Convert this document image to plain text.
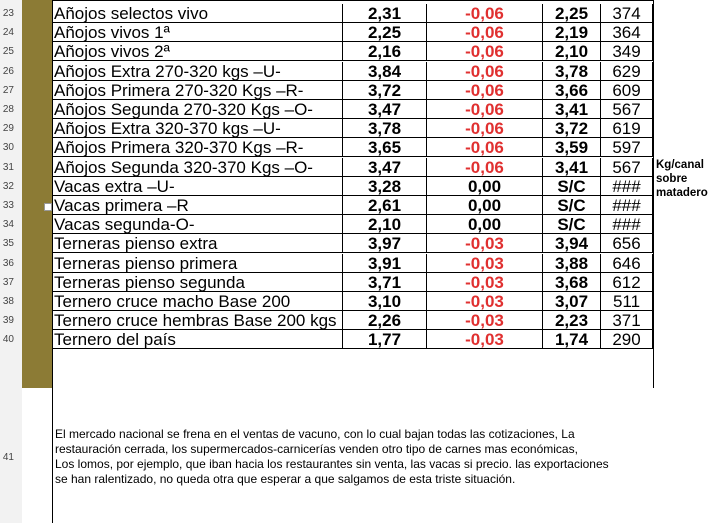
23
24
25
26
27
28
29
30
31
32
33
34
35
36
37
38
39
40
41
Añojos selectos vivo	2,31	-0,06	2,25	374
Añojos vivos 1ª	2,25	-0,06	2,19	364
Añojos vivos 2ª	2,16	-0,06	2,10	349
Añojos Extra 270-320 kgs –U-	3,84	-0,06	3,78	629
Añojos Primera 270-320 Kgs –R-	3,72	-0,06	3,66	609
Añojos Segunda 270-320 Kgs –O-	3,47	-0,06	3,41	567
Añojos Extra 320-370 kgs –U-	3,78	-0,06	3,72	619
Añojos Primera 320-370 Kgs –R-	3,65	-0,06	3,59	597
Añojos Segunda 320-370 Kgs –O-	3,47	-0,06	3,41	567
Vacas extra –U-	3,28	0,00	S/C	###
Vacas primera –R	2,61	0,00	S/C	###
Vacas segunda-O-	2,10	0,00	S/C	###
Terneras pienso extra	3,97	-0,03	3,94	656
Terneras pienso primera	3,91	-0,03	3,88	646
Terneras pienso segunda	3,71	-0,03	3,68	612
Ternero cruce macho Base 200	3,10	-0,03	3,07	511
Ternero cruce hembras Base 200 kgs	2,26	-0,03	2,23	371
Ternero del país	1,77	-0,03	1,74	290
Kg/canal sobre matadero

El mercado nacional se frena en el ventas de vacuno, con lo cual bajan todas las cotizaciones, La

restauración cerrada, los supermercados-carnicerías venden otro tipo de carnes mas económicas,

Los lomos, por ejemplo, que iban hacia los restaurantes sin venta, las vacas si precio. las exportaciones

se han ralentizado, no queda otra que esperar a que salgamos de esta triste situación.
